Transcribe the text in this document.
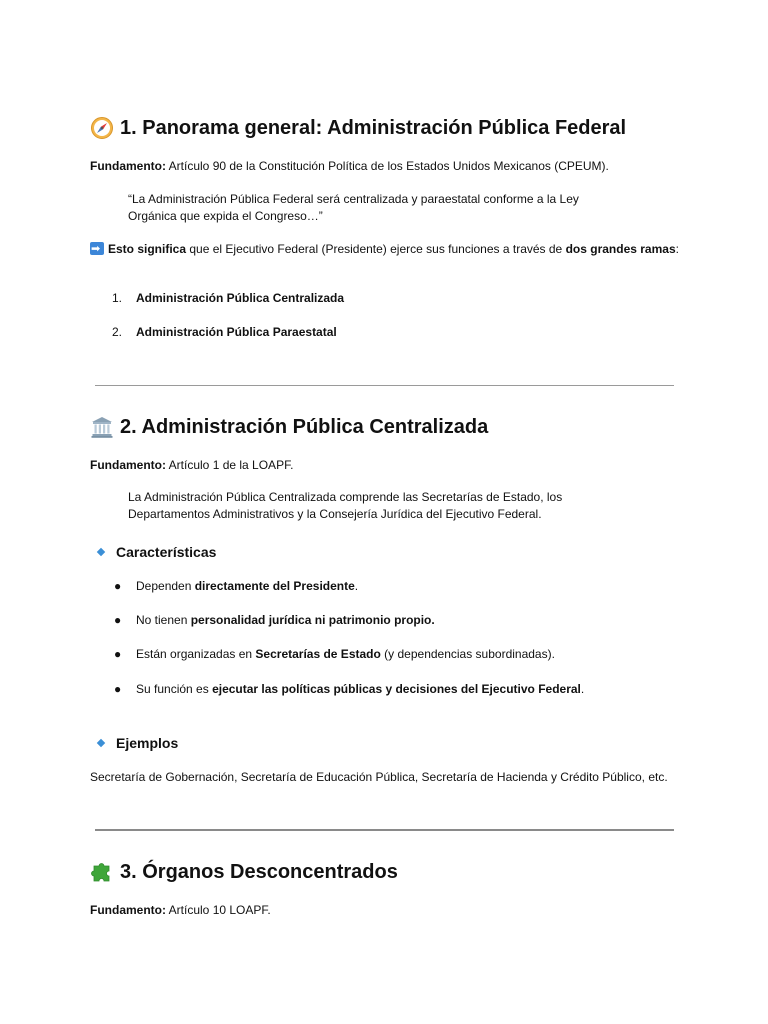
1. Panorama general: Administración Pública Federal

Fundamento: Artículo 90 de la Constitución Política de los Estados Unidos Mexicanos (CPEUM).

“La Administración Pública Federal será centralizada y paraestatal conforme a la Ley Orgánica que expida el Congreso…”

➡Esto significa que el Ejecutivo Federal (Presidente) ejerce sus funciones a través de dos grandes ramas:

1. Administración Pública Centralizada
2. Administración Pública Paraestatal
2. Administración Pública Centralizada

Fundamento: Artículo 1 de la LOAPF.

La Administración Pública Centralizada comprende las Secretarías de Estado, los Departamentos Administrativos y la Consejería Jurídica del Ejecutivo Federal.

Características
● Dependen directamente del Presidente.
● No tienen personalidad jurídica ni patrimonio propio.
● Están organizadas en Secretarías de Estado (y dependencias subordinadas).
● Su función es ejecutar las políticas públicas y decisiones del Ejecutivo Federal.
Ejemplos

Secretaría de Gobernación, Secretaría de Educación Pública, Secretaría de Hacienda y Crédito Público, etc.

3. Órganos Desconcentrados

Fundamento: Artículo 10 LOAPF.
